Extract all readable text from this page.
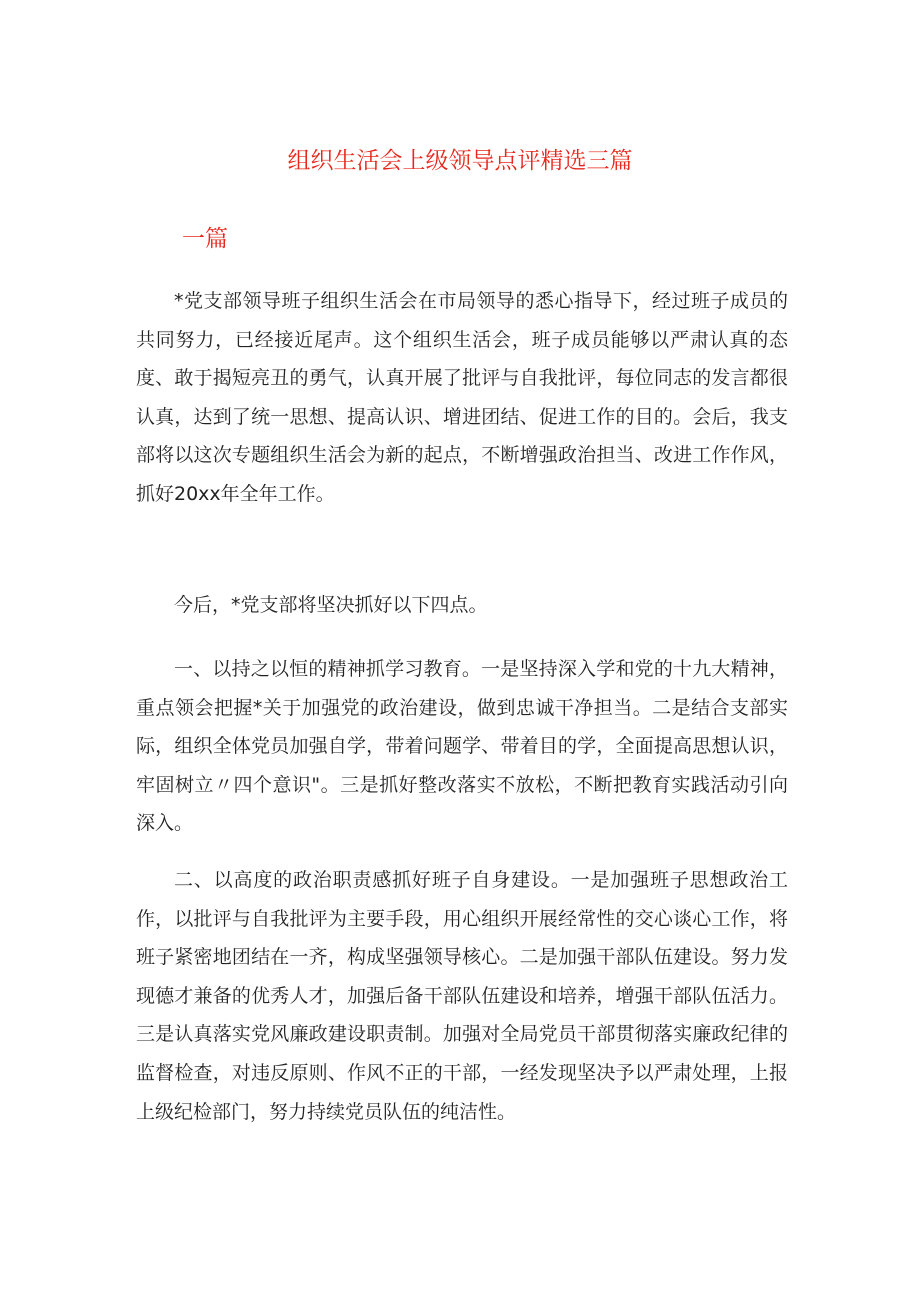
组织生活会上级领导点评精选三篇
一篇

*党支部领导班子组织生活会在市局领导的悉心指导下，经过班子成员的共同努力，已经接近尾声。这个组织生活会，班子成员能够以严肃认真的态度、敢于揭短亮丑的勇气，认真开展了批评与自我批评，每位同志的发言都很认真，达到了统一思想、提高认识、增进团结、促进工作的目的。会后，我支部将以这次专题组织生活会为新的起点，不断增强政治担当、改进工作作风，抓好20xx年全年工作。

今后，*党支部将坚决抓好以下四点。

一、以持之以恒的精神抓学习教育。一是坚持深入学和党的十九大精神，重点领会把握*关于加强党的政治建设，做到忠诚干净担当。二是结合支部实际，组织全体党员加强自学，带着问题学、带着目的学，全面提高思想认识，牢固树立〃四个意识"。三是抓好整改落实不放松，不断把教育实践活动引向深入。

二、以高度的政治职责感抓好班子自身建设。一是加强班子思想政治工作，以批评与自我批评为主要手段，用心组织开展经常性的交心谈心工作，将班子紧密地团结在一齐，构成坚强领导核心。二是加强干部队伍建设。努力发现德才兼备的优秀人才，加强后备干部队伍建设和培养，增强干部队伍活力。三是认真落实党风廉政建设职责制。加强对全局党员干部贯彻落实廉政纪律的监督检查，对违反原则、作风不正的干部，一经发现坚决予以严肃处理，上报上级纪检部门，努力持续党员队伍的纯洁性。
